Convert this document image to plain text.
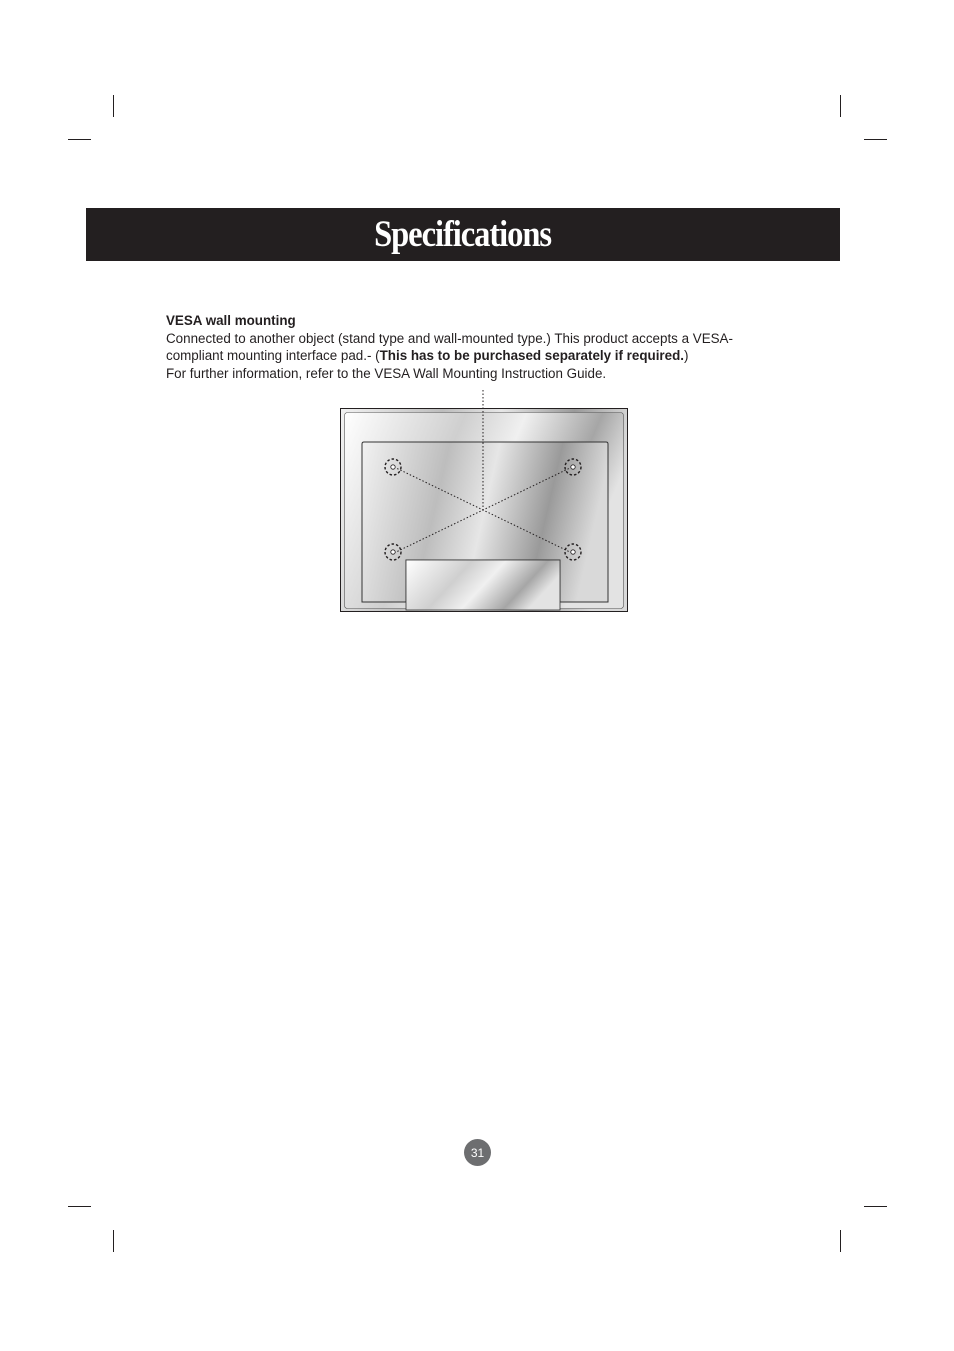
Specifications

VESA wall mounting

Connected to another object (stand type and wall-mounted type.) This product accepts a VESA-

compliant mounting interface pad.- (This has to be purchased separately if required.)

For further information, refer to the VESA Wall Mounting Instruction Guide.

31
